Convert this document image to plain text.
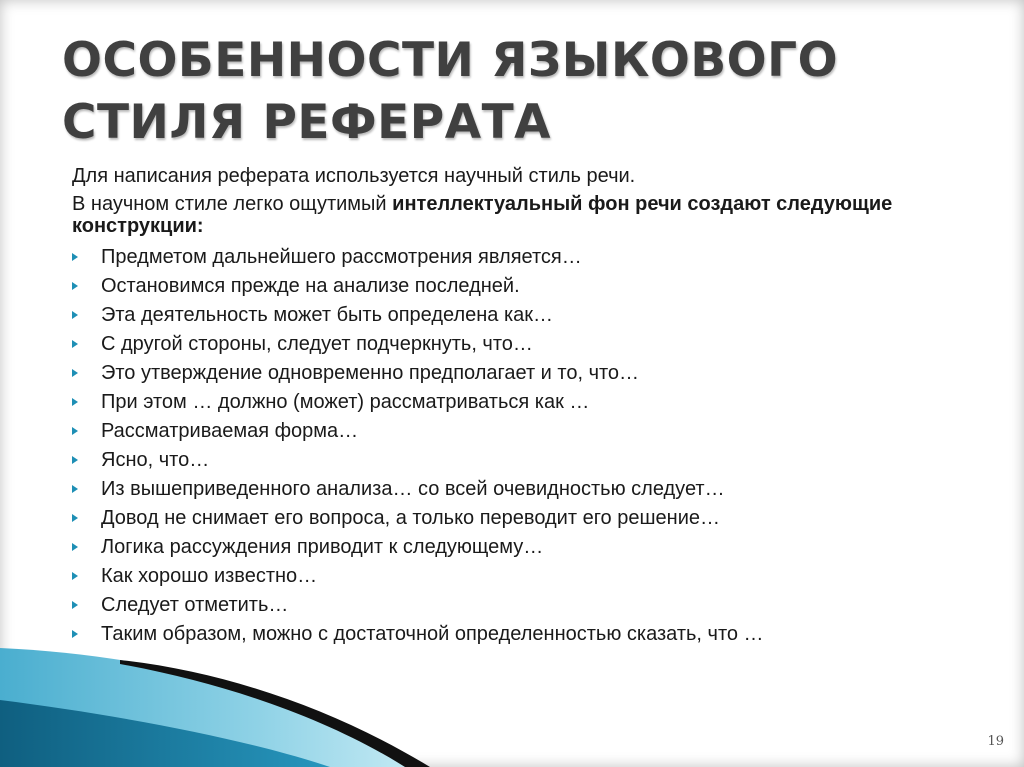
ОСОБЕННОСТИ ЯЗЫКОВОГО
СТИЛЯ РЕФЕРАТА

Для написания реферата используется научный стиль речи.

В научном стиле легко ощутимый интеллектуальный фон речи создают следующие конструкции:

Предметом дальнейшего рассмотрения является…
Остановимся прежде на анализе последней.
Эта деятельность может быть определена как…
С другой стороны, следует подчеркнуть, что…
Это утверждение одновременно предполагает и то, что…
При этом … должно (может) рассматриваться как …
Рассматриваемая форма…
Ясно, что…
Из вышеприведенного анализа… со всей очевидностью следует…
Довод не снимает его вопроса, а только переводит его решение…
Логика рассуждения приводит к следующему…
Как хорошо известно…
Следует отметить…
Таким образом, можно с достаточной определенностью сказать, что …
19
